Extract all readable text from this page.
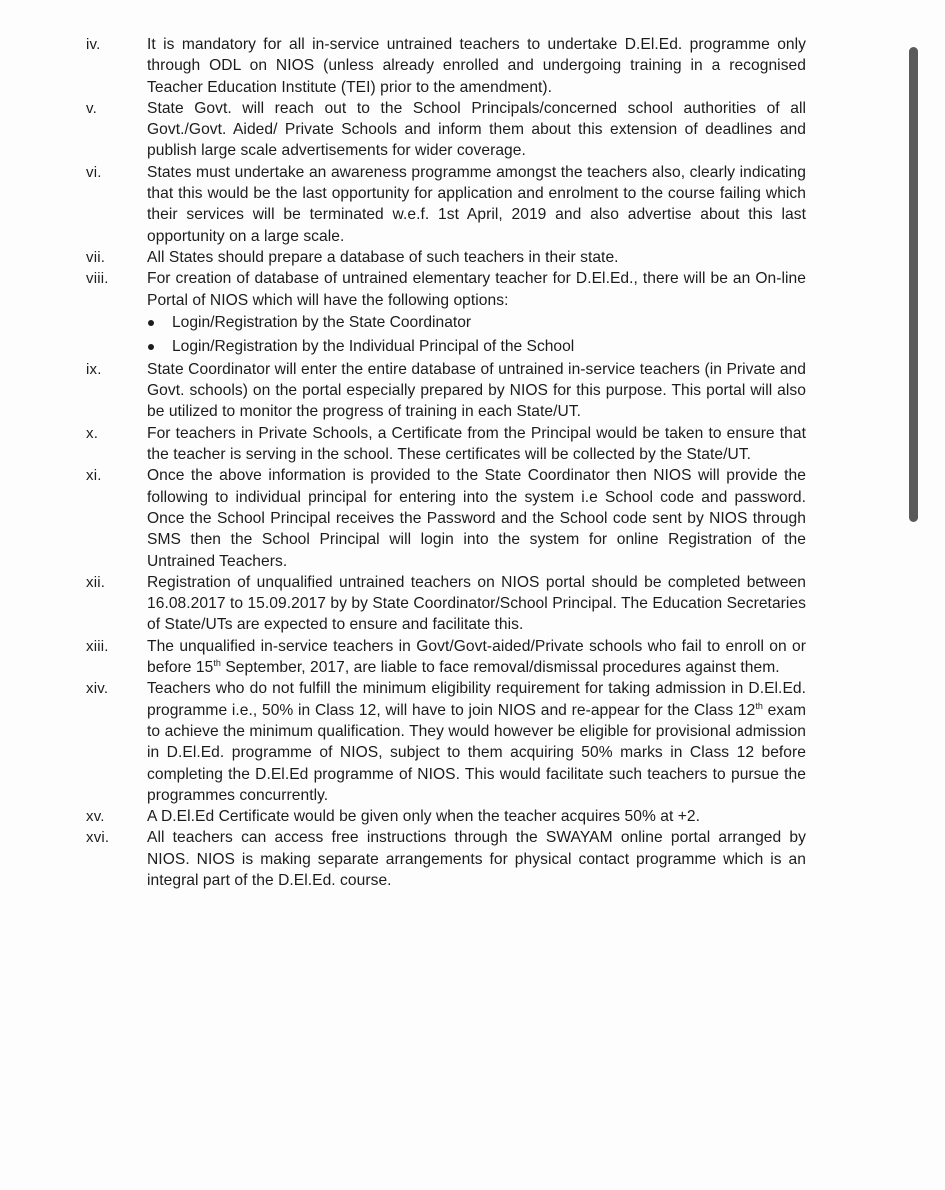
iv.	It is mandatory for all in-service untrained teachers to undertake D.El.Ed. programme only through ODL on NIOS (unless already enrolled and undergoing training in a recognised Teacher Education Institute (TEI) prior to the amendment).
v.	State Govt. will reach out to the School Principals/concerned school authorities of all Govt./Govt. Aided/ Private Schools and inform them about this extension of deadlines and publish large scale advertisements for wider coverage.
vi.	States must undertake an awareness programme amongst the teachers also, clearly indicating that this would be the last opportunity for application and enrolment to the course failing which their services will be terminated w.e.f. 1st April, 2019 and also advertise about this last opportunity on a large scale.
vii.	All States should prepare a database of such teachers in their state.
viii.	For creation of database of untrained elementary teacher for D.El.Ed., there will be an On-line Portal of NIOS which will have the following options:
Login/Registration by the State Coordinator
Login/Registration by the Individual Principal of the School
ix.	State Coordinator will enter the entire database of untrained in-service teachers (in Private and Govt. schools) on the portal especially prepared by NIOS for this purpose. This portal will also be utilized to monitor the progress of training in each State/UT.
x.	For teachers in Private Schools, a Certificate from the Principal would be taken to ensure that the teacher is serving in the school. These certificates will be collected by the State/UT.
xi.	Once the above information is provided to the State Coordinator then NIOS will provide the following to individual principal for entering into the system i.e School code and password. Once the School Principal receives the Password and the School code sent by NIOS through SMS then the School Principal will login into the system for online Registration of the Untrained Teachers.
xii.	Registration of unqualified untrained teachers on NIOS portal should be completed between 16.08.2017 to 15.09.2017 by by State Coordinator/School Principal. The Education Secretaries of State/UTs are expected to ensure and facilitate this.
xiii.	The unqualified in-service teachers in Govt/Govt-aided/Private schools who fail to enroll on or before 15th September, 2017, are liable to face removal/dismissal procedures against them.
xiv.	Teachers who do not fulfill the minimum eligibility requirement for taking admission in D.El.Ed. programme i.e., 50% in Class 12, will have to join NIOS and re-appear for the Class 12th exam to achieve the minimum qualification. They would however be eligible for provisional admission in D.El.Ed. programme of NIOS, subject to them acquiring 50% marks in Class 12 before completing the D.El.Ed programme of NIOS. This would facilitate such teachers to pursue the programmes concurrently.
xv.	A D.El.Ed Certificate would be given only when the teacher acquires 50% at +2.
xvi.	All teachers can access free instructions through the SWAYAM online portal arranged by NIOS. NIOS is making separate arrangements for physical contact programme which is an integral part of the D.El.Ed. course.
